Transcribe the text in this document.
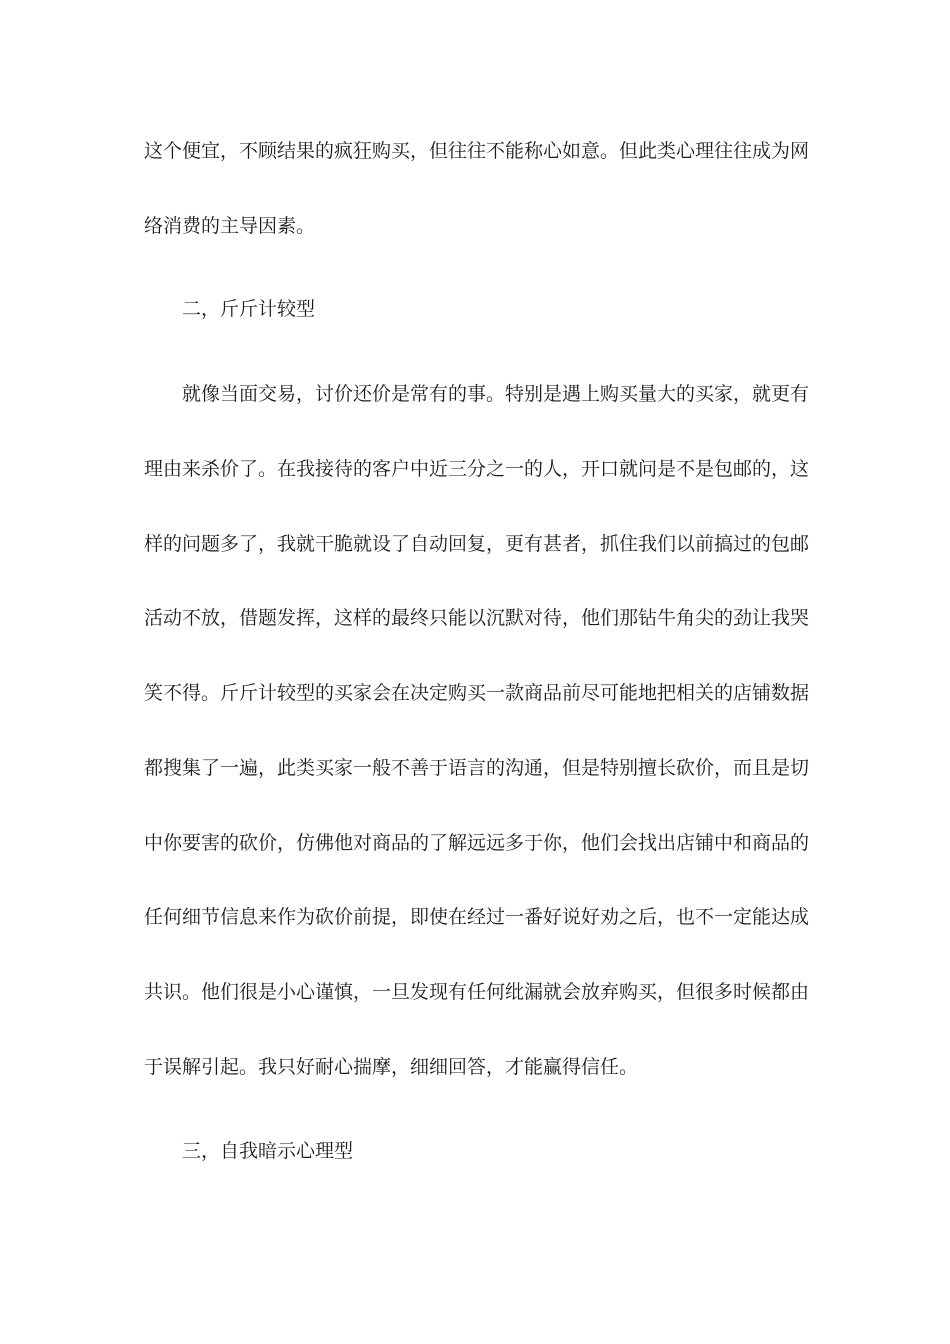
这个便宜，不顾结果的疯狂购买，但往往不能称心如意。但此类心理往往成为网
络消费的主导因素。
二，斤斤计较型
就像当面交易，讨价还价是常有的事。特别是遇上购买量大的买家，就更有
理由来杀价了。在我接待的客户中近三分之一的人，开口就问是不是包邮的，这
样的问题多了，我就干脆就设了自动回复，更有甚者，抓住我们以前搞过的包邮
活动不放，借题发挥，这样的最终只能以沉默对待，他们那钻牛角尖的劲让我哭
笑不得。斤斤计较型的买家会在决定购买一款商品前尽可能地把相关的店铺数据
都搜集了一遍，此类买家一般不善于语言的沟通，但是特别擅长砍价，而且是切
中你要害的砍价，仿佛他对商品的了解远远多于你，他们会找出店铺中和商品的
任何细节信息来作为砍价前提，即使在经过一番好说好劝之后，也不一定能达成
共识。他们很是小心谨慎，一旦发现有任何纰漏就会放弃购买，但很多时候都由
于误解引起。我只好耐心揣摩，细细回答，才能赢得信任。
三，自我暗示心理型
